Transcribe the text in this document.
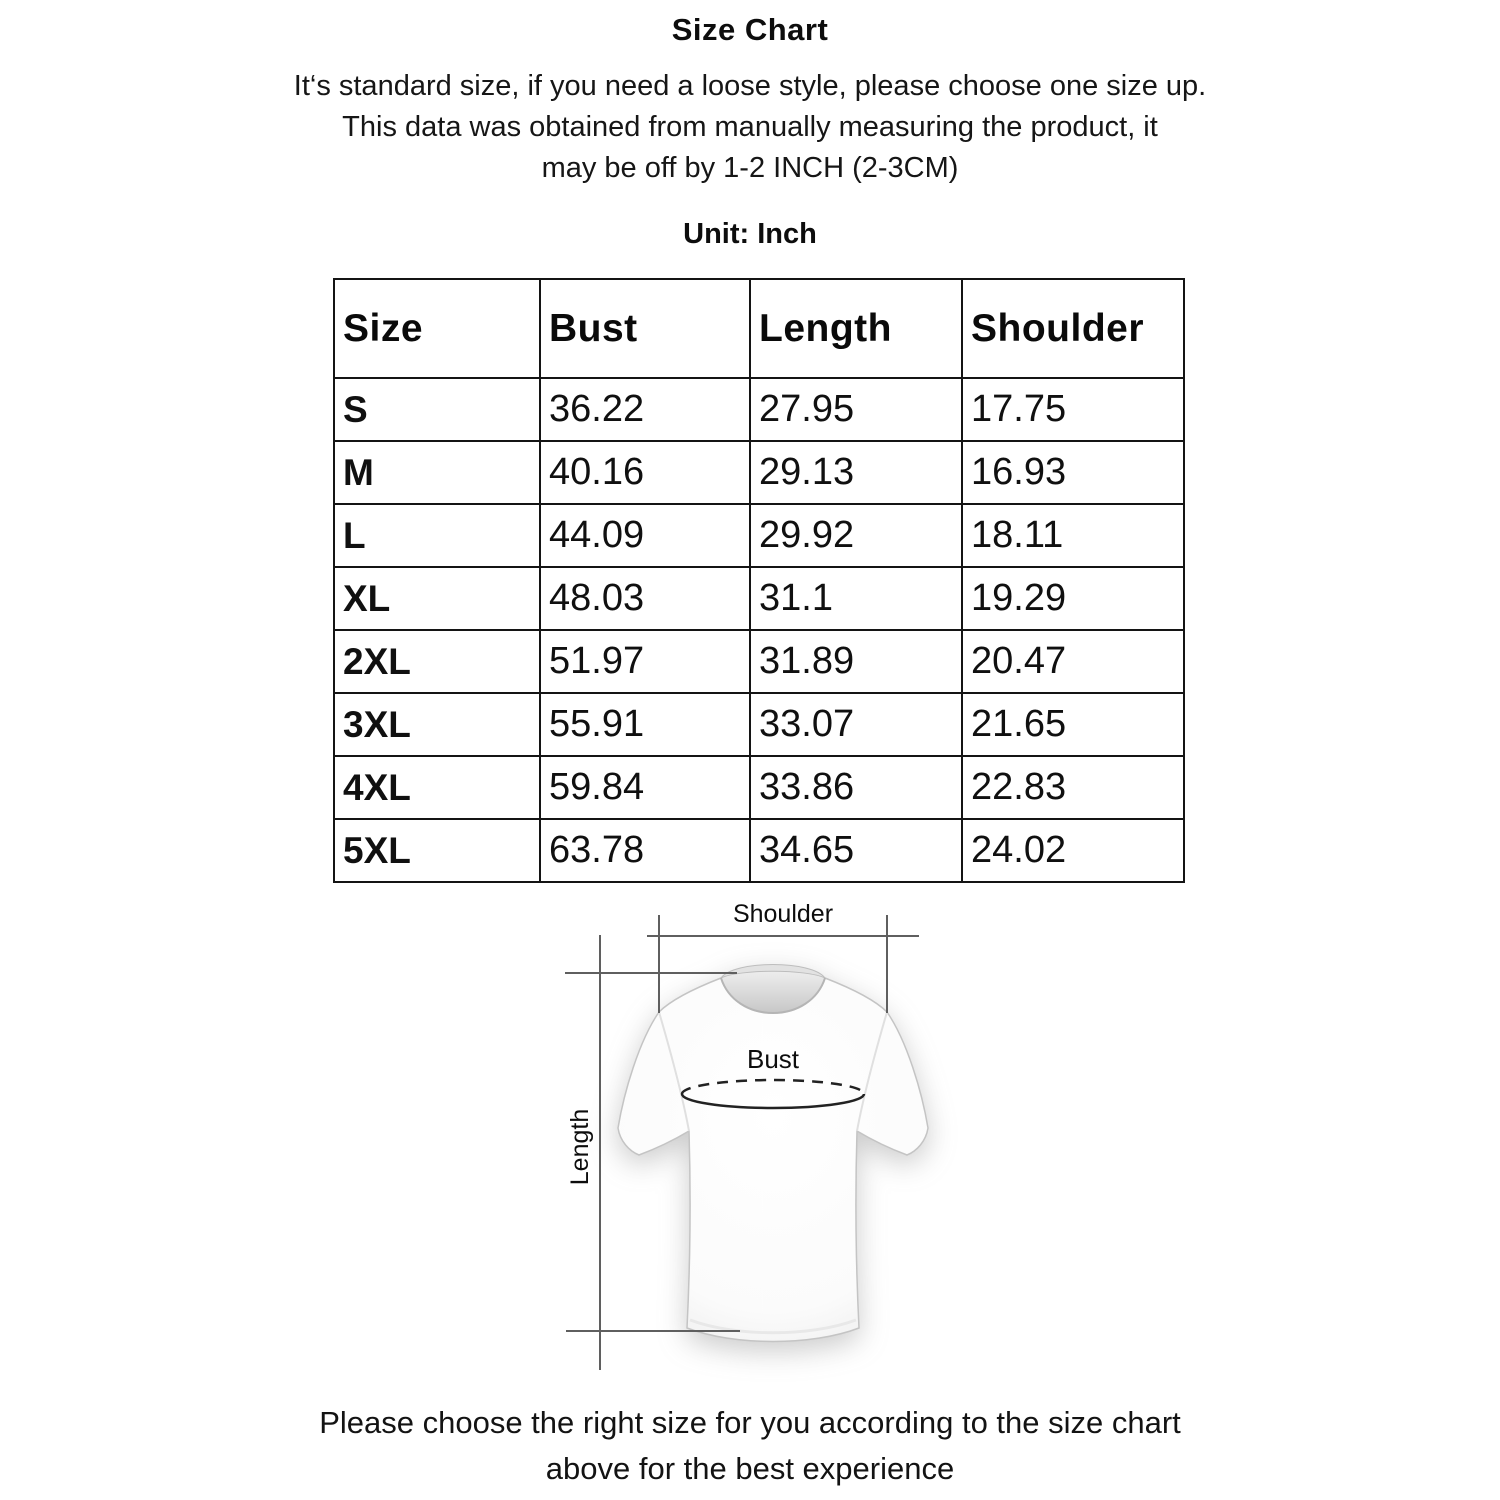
Size Chart
It‘s standard size, if you need a loose style, please choose one size up.
This data was obtained from manually measuring the product, it
may be off by 1-2 INCH (2-3CM)
Unit: Inch
Size	Bust	Length	Shoulder
S	36.22	27.95	17.75
M	40.16	29.13	16.93
L	44.09	29.92	18.11
XL	48.03	31.1	19.29
2XL	51.97	31.89	20.47
3XL	55.91	33.07	21.65
4XL	59.84	33.86	22.83
5XL	63.78	34.65	24.02
Shoulder
Bust
Length
Please choose the right size for you according to the size chart
above for the best experience
